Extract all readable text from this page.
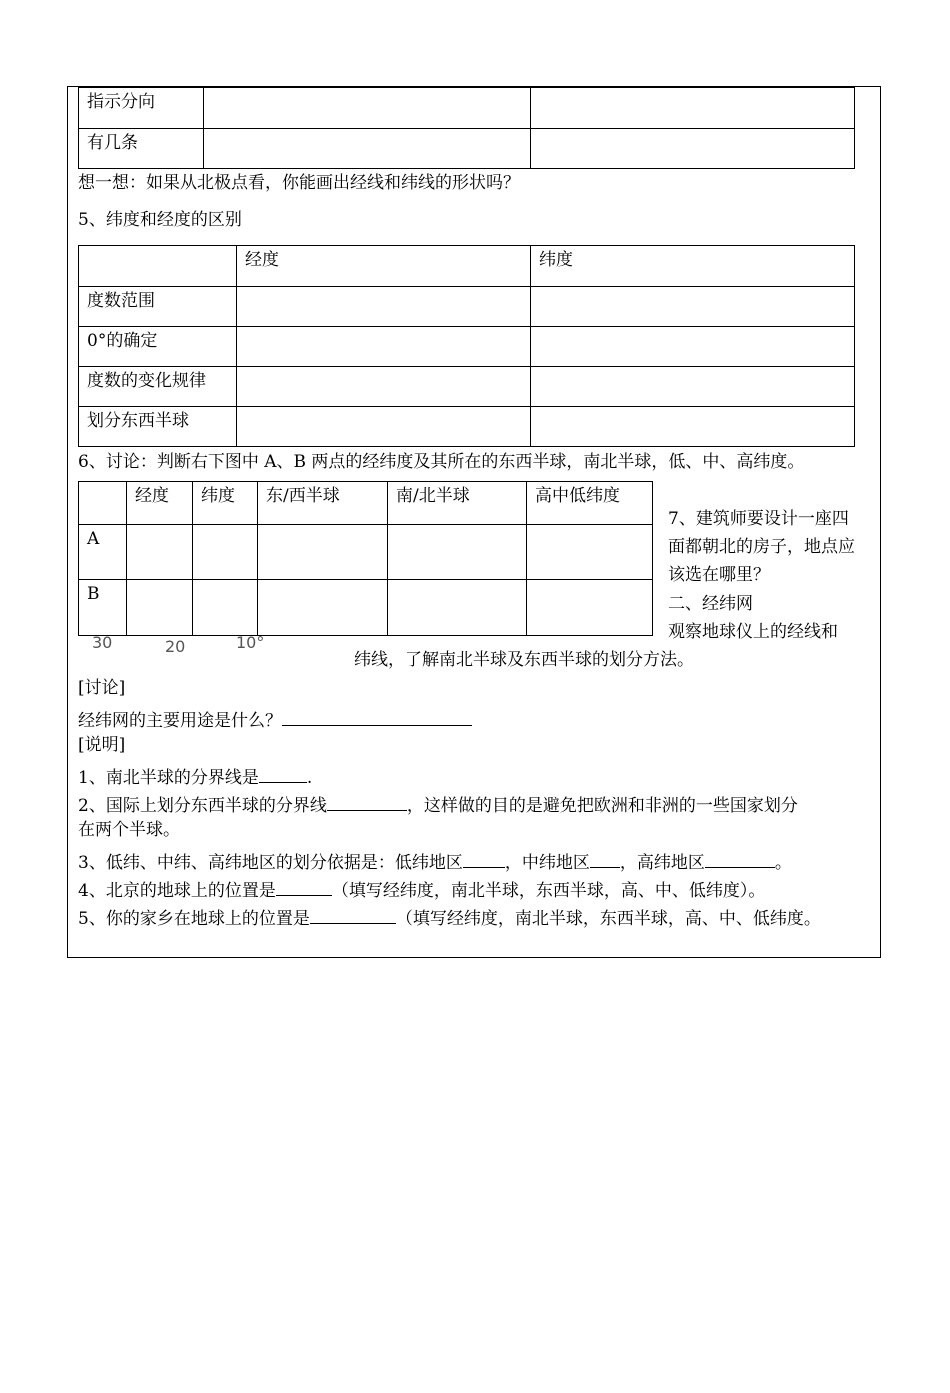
指示分向		
有几条		
想一想：如果从北极点看，你能画出经线和纬线的形状吗？
5、纬度和经度的区别
	经度	纬度
度数范围		
0°的确定		
度数的变化规律		
划分东西半球		
6、讨论：判断右下图中 A、B 两点的经纬度及其所在的东西半球，南北半球，低、中、高纬度。
	经度	纬度	东/西半球	南/北半球	高中低纬度
A					
B					
30	20	10°
7、建筑师要设计一座四
面都朝北的房子，地点应
该选在哪里？
二、经纬网
观察地球仪上的经线和
纬线，了解南北半球及东西半球的划分方法。
[讨论]
经纬网的主要用途是什么？
[说明]
1、南北半球的分界线是	.
2、国际上划分东西半球的分界线	，这样做的目的是避免把欧洲和非洲的一些国家划分
在两个半球。
3、低纬、中纬、高纬地区的划分依据是：低纬地区 ，中纬地区 ，高纬地区	。
4、北京的地球上的位置是	（填写经纬度，南北半球，东西半球，高、中、低纬度）。
5、你的家乡在地球上的位置是	（填写经纬度，南北半球，东西半球，高、中、低纬度。
